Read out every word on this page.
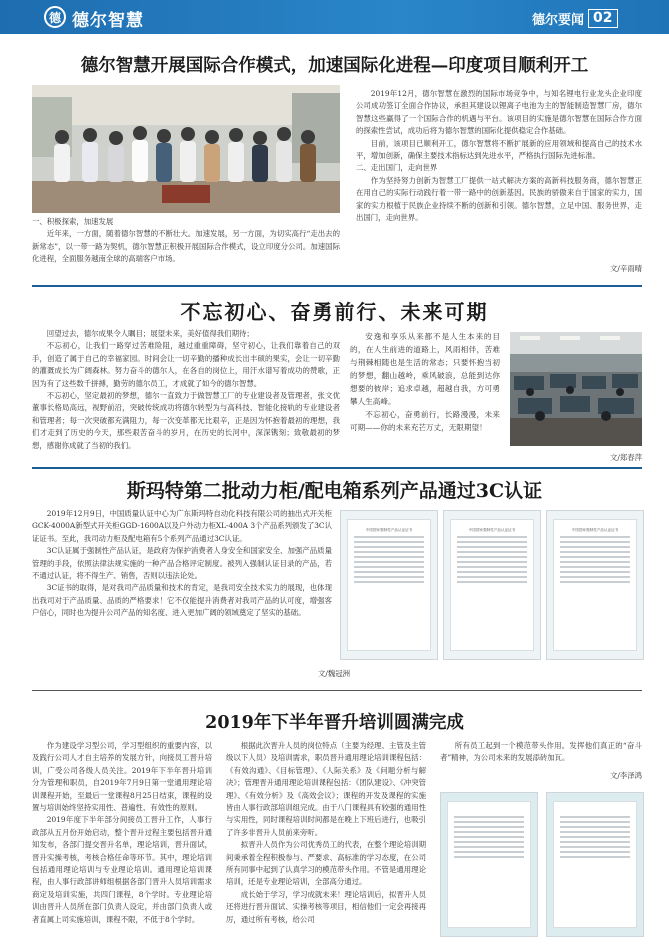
德 德尔智慧	德尔要闻 02
德尔智慧开展国际合作模式，加速国际化进程—印度项目顺利开工
一、积极探索，加速发展

近年来，一方面，随着德尔智慧的不断壮大。加速发展，另一方面，为切实高行“走出去的新常态”，以一带一路为契机，德尔智慧正积极开展国际合作模式，设立印度分公司。加速国际化进程，全面服务越南全球的高端客户市场。

2019年12月，德尔智慧在激烈的国际市场竞争中，与知名锂电行业龙头企业印度公司成功签订全面合作协议，承担其建设以锂离子电池为主的智能制造智慧厂房，德尔智慧这些赢得了一个国际合作的机遇与平台。该项目的实施是德尔智慧在国际合作方面的探索性尝试，成功后将为德尔智慧的国际化提供稳定合作基础。

目前，该项目已顺利开工，德尔智慧将不断扩展新的应用领域和提高自己的技术水平，增加创新，确保主要技术指标达到先进水平，严格执行国际先进标准。

二、走出国门，走向世界

作为坚持努力创新为智慧工厂提供一站式解决方案的高新科技服务商，德尔智慧正在用自己的实际行动践行着一带一路中的创新基因。民族的骄傲来自于国家的实力，国家的实力根植于民族企业持续不断的创新和引领。德尔智慧，立足中国、服务世界，走出国门，走向世界。

文/辛雨晴
不忘初心、奋勇前行、未来可期

回望过去，德尔成果令人瞩目；展望未来，美好值得我们期待；

不忘初心，让我们一路穿过苦难险阻，越过重重障碍，坚守初心，让我们靠着自己的双手，创造了属于自己的幸福家园。时间会让一切辛勤的播种成长出丰硕的果实，会让一切辛勤的灌溉成长为广阔森林。努力奋斗的德尔人，在各自的岗位上，用汗水谱写着成功的赞歌，正因为有了这些数千拼搏，勤劳的德尔员工，才成就了如今的德尔智慧。

不忘初心，坚定最初的梦想，德尔一直致力于做智慧工厂的专业建设者及管理者，张文优董事长格局高远，视野前沿，突破传统成功将德尔转型为与高科技、智能化接轨的专业建设者和管理者；每一次突破都充满阻力，每一次变革都无比艰辛，正是因为怀抱着最初的理想，我们才走到了历史的今天，那些艰苦奋斗的岁月，在历史的长河中，深深镌刻；致敬最初的梦想，感谢你成就了当初的我们。

安逸和享乐从来都不是人生本来的目的，在人生前进的道路上，风雨相伴，苦难与荆棘相随也是生活的常态；只要怀抱当初的梦想，翻山越岭，乘风破浪，总能到达你想要的彼岸；追求卓越，超越自我，方可勇攀人生高峰。

不忘初心，奋勇前行，长路漫漫，未来可期——你的未来充芒万丈，无限期望！

文/郑春萍
斯玛特第二批动力柜/配电箱系列产品通过3C认证

2019年12月9日，中国质量认证中心为广东斯玛特自动化科技有限公司的抽出式开关柜GCK-4000A新型式开关柜GGD-1600A以及户外动力柜XL-400A 3个产品系列颁发了3C认证证书。至此，我司动力柜及配电箱有5个系列产品通过3C认证。

3C认证属于强制性产品认证，是政府为保护消费者人身安全和国家安全、加强产品质量管理的手段，依照法律法规实施的一种产品合格评定制度。被列入强制认证目录的产品，若不通过认证，将不得生产、销售，否则以违法论处。

3C证书的取得，是对我司产品质量和技术的肯定，是我司安全技术实力的展现，也体现出我司对于产品质量、品质的严格要求！它不仅能提升消费者对我司产品的认可度，增强客户信心，同时也为提升公司产品的知名度、进入更加广阔的领域奠定了坚实的基础。

中国国家强制性产品认证证书	中国国家强制性产品认证证书	中国国家强制性产品认证证书
文/魏冠洲
2019年下半年晋升培训圆满完成

作为建设学习型公司，学习型组织的重要内容，以及践行公司人才自主培养的发展方针，向接员工晋升培训，广受公司各级人员关注。2019年下半年晋升培训分为管理和职员，自2019年7月9日第一堂通用理论培训课程开始，至最后一堂课程8月25日结束，课程的设置与培训始终坚持实用性、普遍性、有效性的原则。

2019年度下半年部分间接员工晋升工作，人事行政部从五月份开始启动，整个晋升过程主要包括晋升通知发布，各部门提交晋升名单，理论培训，晋升面试，晋升实操考核，考核合格任命等环节。其中，理论培训包括通用理论培训与专业理论培训。通用理论培训课程，由人事行政部讲师组根据各部门晋升人员培训需求商定及培训实施，共四门课程，8个学时。专业理论培训由晋升人员所在部门负责人设定，并由部门负责人或者直属上司实施培训，课程不限，不低于8个学时。

根据此次晋升人员的岗位特点（主要为经理、主管及主管级以下人员）及培训需求，职员晋升通用理论培训课程包括：《有效沟通》、《目标管理》、《人际关系》及《问题分析与解决》；管理晋升通用理论培训课程包括：《团队建设》、《冲突管理》、《有效分析》及《高效会议》；课程的开发及课程的实施皆由人事行政部培训组完成。由于八门课程具有较强的通用性与实用性，同时课程培训时间都是在晚上下班后进行，也吸引了许多非晋升人员前来旁听。

拟晋升人员作为公司优秀员工的代表，在整个理论培训期间秉承着全程积极参与、严要求、高标准的学习态度，在公司所有同事中起到了认真学习的模范带头作用。不管是通用理论培训，还是专业理论培训，全部高分通过。

成长始于学习，学习成就未来！理论培训后，拟晋升人员还将进行晋升面试、实操考核等项目，相信他们一定会再接再厉，通过所有考核，给公司

所有员工起到一个模范带头作用。发挥他们真正的“奋斗者”精神，为公司未来的发展添砖加瓦。

文/李泽鸿
